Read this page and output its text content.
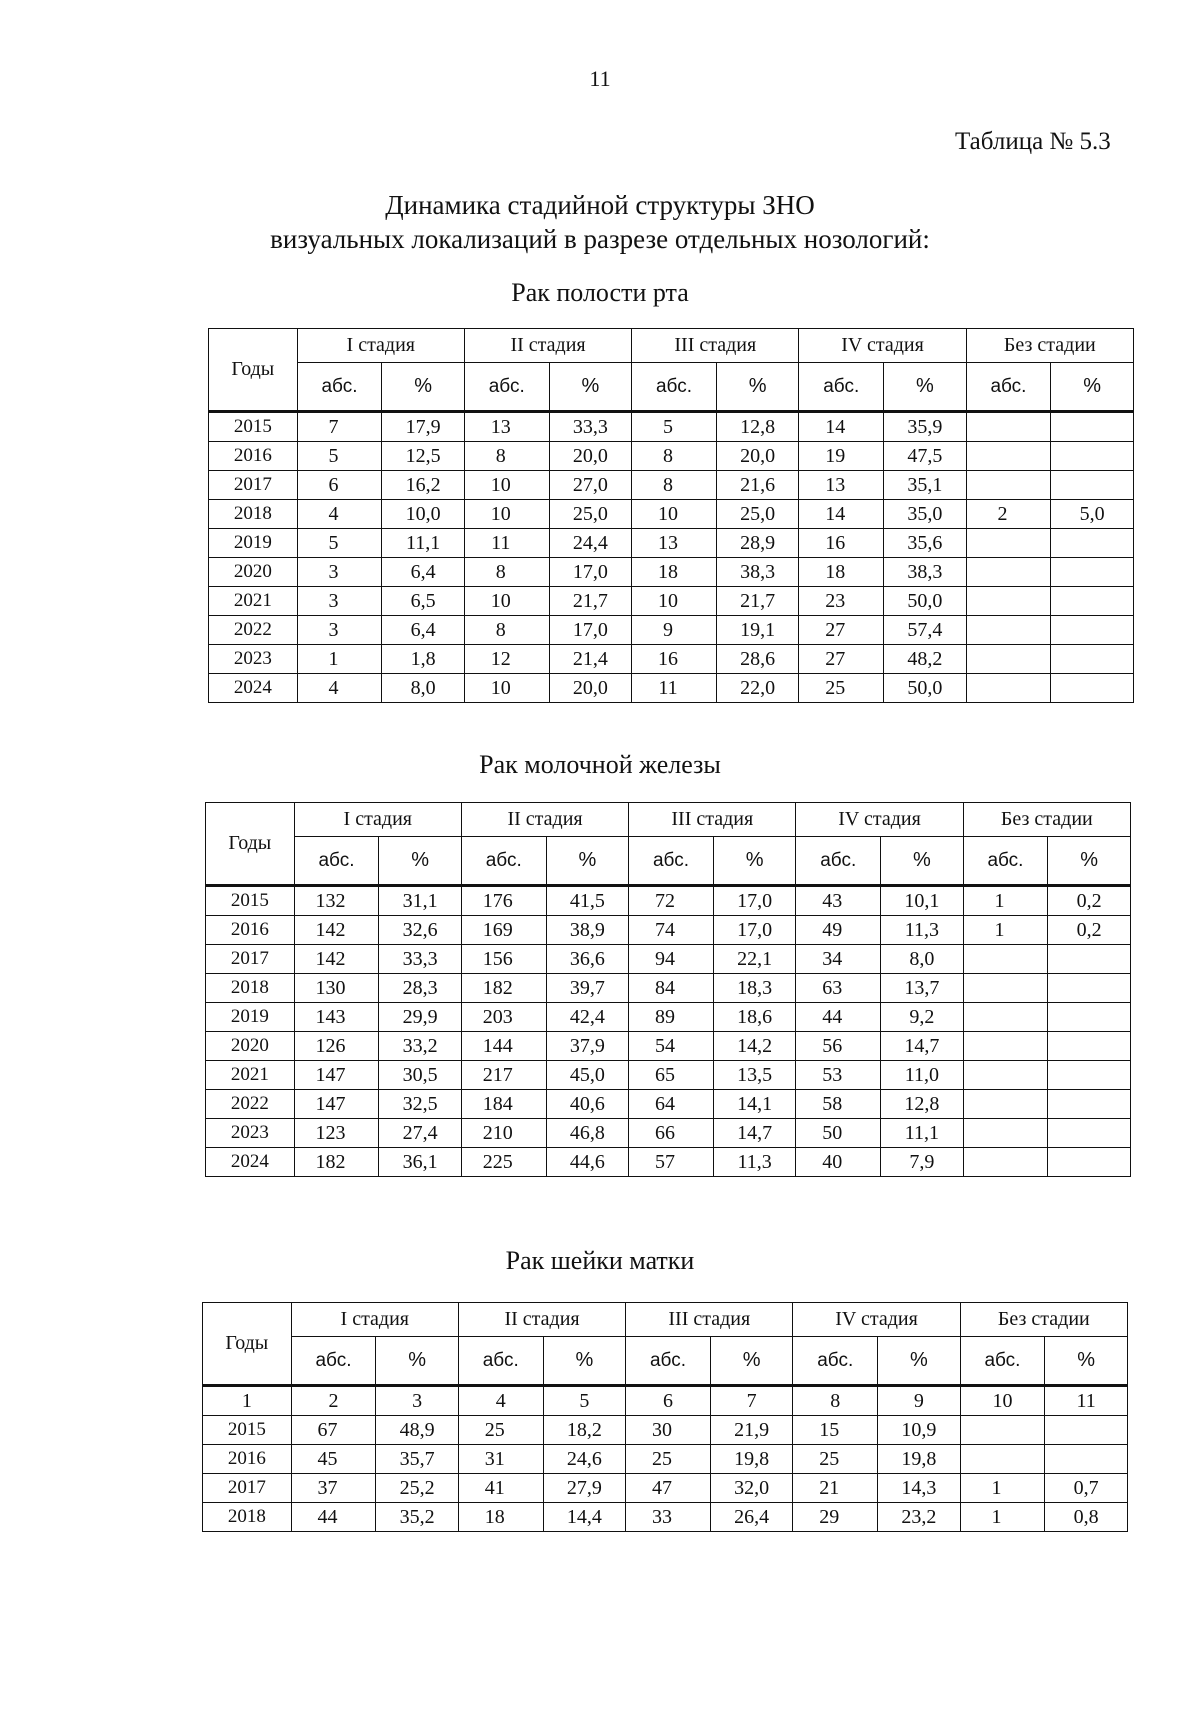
11
Таблица № 5.3
Динамика стадийной структуры ЗНО
визуальных локализаций в разрезе отдельных нозологий:
Рак полости рта
Годы	I стадия		II стадия		III стадия		IV стадия		Без стадии	
	абс.	%	абс.	%	абс.	%	абс.	%	абс.	%
2015	7	17,9	13	33,3	5	12,8	14	35,9		
2016	5	12,5	8	20,0	8	20,0	19	47,5		
2017	6	16,2	10	27,0	8	21,6	13	35,1		
2018	4	10,0	10	25,0	10	25,0	14	35,0	2	5,0
2019	5	11,1	11	24,4	13	28,9	16	35,6		
2020	3	6,4	8	17,0	18	38,3	18	38,3		
2021	3	6,5	10	21,7	10	21,7	23	50,0		
2022	3	6,4	8	17,0	9	19,1	27	57,4		
2023	1	1,8	12	21,4	16	28,6	27	48,2		
2024	4	8,0	10	20,0	11	22,0	25	50,0		
Рак молочной железы
Годы	I стадия		II стадия		III стадия		IV стадия		Без стадии	
	абс.	%	абс.	%	абс.	%	абс.	%	абс.	%
2015	132	31,1	176	41,5	72	17,0	43	10,1	1	0,2
2016	142	32,6	169	38,9	74	17,0	49	11,3	1	0,2
2017	142	33,3	156	36,6	94	22,1	34	8,0		
2018	130	28,3	182	39,7	84	18,3	63	13,7		
2019	143	29,9	203	42,4	89	18,6	44	9,2		
2020	126	33,2	144	37,9	54	14,2	56	14,7		
2021	147	30,5	217	45,0	65	13,5	53	11,0		
2022	147	32,5	184	40,6	64	14,1	58	12,8		
2023	123	27,4	210	46,8	66	14,7	50	11,1		
2024	182	36,1	225	44,6	57	11,3	40	7,9		
Рак шейки матки
Годы	I стадия		II стадия		III стадия		IV стадия		Без стадии	
	абс.	%	абс.	%	абс.	%	абс.	%	абс.	%
1	2	3	4	5	6	7	8	9	10	11
2015	67	48,9	25	18,2	30	21,9	15	10,9		
2016	45	35,7	31	24,6	25	19,8	25	19,8		
2017	37	25,2	41	27,9	47	32,0	21	14,3	1	0,7
2018	44	35,2	18	14,4	33	26,4	29	23,2	1	0,8
